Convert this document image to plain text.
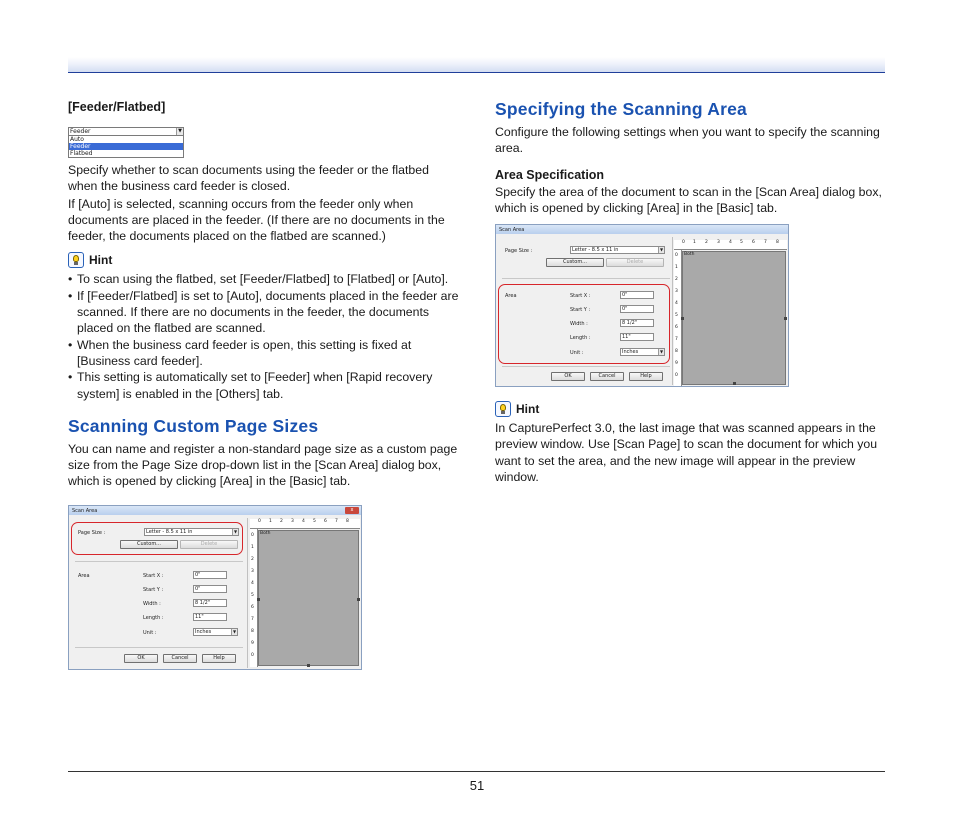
[Feeder/Flatbed]
Feeder	▼
Auto
Feeder
Flatbed

Specify whether to scan documents using the feeder or the flatbed when the business card feeder is closed.

If [Auto] is selected, scanning occurs from the feeder only when documents are placed in the feeder. (If there are no documents in the feeder, the documents placed on the flatbed are scanned.)

Hint
• To scan using the flatbed, set [Feeder/Flatbed] to [Flatbed] or [Auto].
• If [Feeder/Flatbed] is set to [Auto], documents placed in the feeder are scanned. If there are no documents in the feeder, the documents placed on the flatbed are scanned.
• When the business card feeder is open, this setting is fixed at [Business card feeder].
• This setting is automatically set to [Feeder] when [Rapid recovery system] is enabled in the [Others] tab.
Scanning Custom Page Sizes

You can name and register a non-standard page size as a custom page size from the Page Size drop-down list in the [Scan Area] dialog box, which is opened by clicking [Area] in the [Basic] tab.

Scan Area	x
Page Size :	Letter - 8.5 x 11 in	▼
Custom...	Delete
Area	Start X :	0"
Start Y :	0"
Width :	8 1/2"
Length :	11"
Unit :	Inches	▼
OK	Cancel	Help
0 1 2 3 4 5 6 7 8
0
1
2
3
4
5
6
7
8
9
0
Both
Specifying the Scanning Area

Configure the following settings when you want to specify the scanning area.

Area Specification

Specify the area of the document to scan in the [Scan Area] dialog box, which is opened by clicking [Area] in the [Basic] tab.

Scan Area
Page Size :	Letter - 8.5 x 11 in	▼
Custom...	Delete
Area	Start X :	0"
Start Y :	0"
Width :	8 1/2"
Length :	11"
Unit :	Inches	▼
OK	Cancel	Help
0 1 2 3 4 5 6 7 8
0
1
2
3
4
5
6
7
8
9
0
Both
Hint

In CapturePerfect 3.0, the last image that was scanned appears in the preview window. Use [Scan Page] to scan the document for which you want to set the area, and the new image will appear in the preview window.

51
